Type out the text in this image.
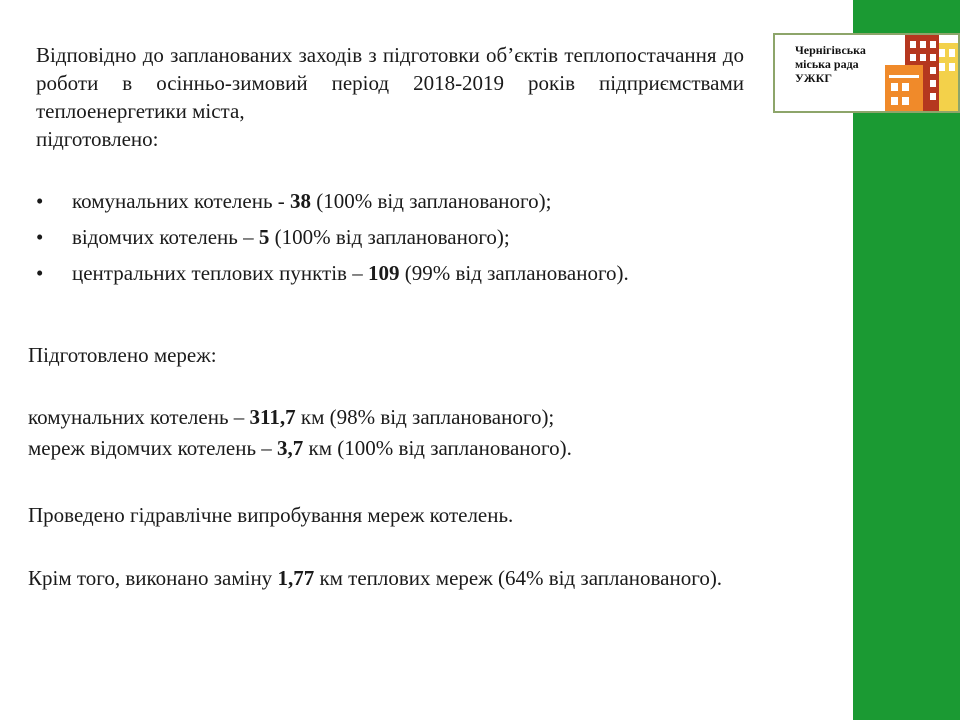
Чернігівська
міська рада
УЖКГ

Відповідно до запланованих заходів з підготовки об’єктів теплопостачання до роботи в осінньо-зимовий період 2018-2019 років підприємствами теплоенергетики міста,
підготовлено:

• комунальних котелень - 38 (100% від запланованого);
• відомчих котелень – 5 (100% від запланованого);
• центральних теплових пунктів – 109 (99% від запланованого).

Підготовлено мереж:

комунальних котелень – 311,7 км (98% від запланованого);

мереж відомчих котелень – 3,7 км (100% від запланованого).

Проведено гідравлічне випробування мереж котелень.

Крім того, виконано заміну 1,77 км теплових мереж (64% від запланованого).
